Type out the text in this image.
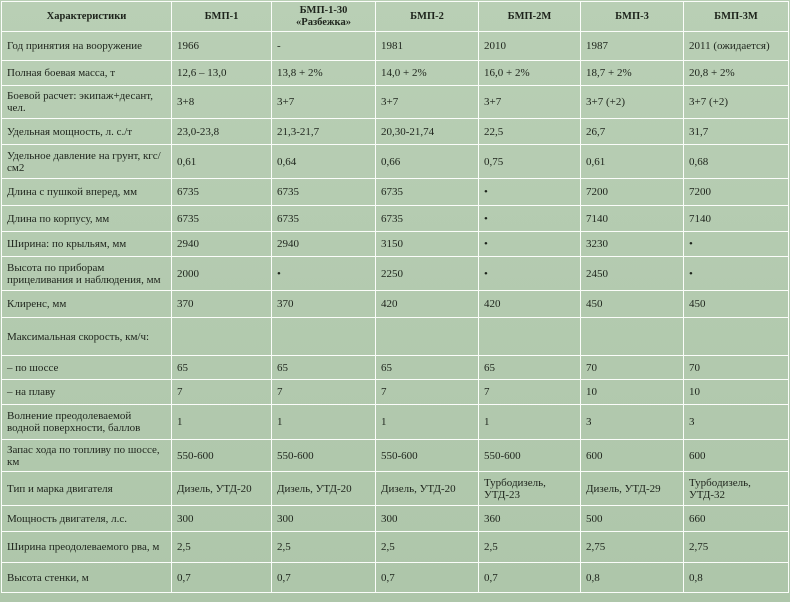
Характеристики	БМП-1	БМП-1-30 «Разбежка»	БМП-2	БМП-2М	БМП-3	БМП-3М
Год принятия на вооружение	1966	-	1981	2010	1987	2011 (ожидается)
Полная боевая масса, т	12,6 – 13,0	13,8 + 2%	14,0 + 2%	16,0 + 2%	18,7 + 2%	20,8 + 2%
Боевой расчет: экипаж+десант, чел.	3+8	3+7	3+7	3+7	3+7 (+2)	3+7 (+2)
Удельная мощность, л. с./т	23,0-23,8	21,3-21,7	20,30-21,74	22,5	26,7	31,7
Удельное давление на грунт, кгс/см2	0,61	0,64	0,66	0,75	0,61	0,68
Длина с пушкой вперед, мм	6735	6735	6735	•	7200	7200
Длина по корпусу, мм	6735	6735	6735	•	7140	7140
Ширина: по крыльям, мм	2940	2940	3150	•	3230	•
Высота по приборам прицеливания и наблюдения, мм	2000	•	2250	•	2450	•
Клиренс, мм	370	370	420	420	450	450
Максимальная скорость, км/ч:						
– по шоссе	65	65	65	65	70	70
– на плаву	7	7	7	7	10	10
Волнение преодолеваемой водной поверхности, баллов	1	1	1	1	3	3
Запас хода по топливу по шоссе, км	550-600	550-600	550-600	550-600	600	600
Тип и марка двигателя	Дизель, УТД-20	Дизель, УТД-20	Дизель, УТД-20	Турбодизель, УТД-23	Дизель, УТД-29	Турбодизель, УТД-32
Мощность двигателя, л.с.	300	300	300	360	500	660
Ширина преодолеваемого рва, м	2,5	2,5	2,5	2,5	2,75	2,75
Высота стенки, м	0,7	0,7	0,7	0,7	0,8	0,8
